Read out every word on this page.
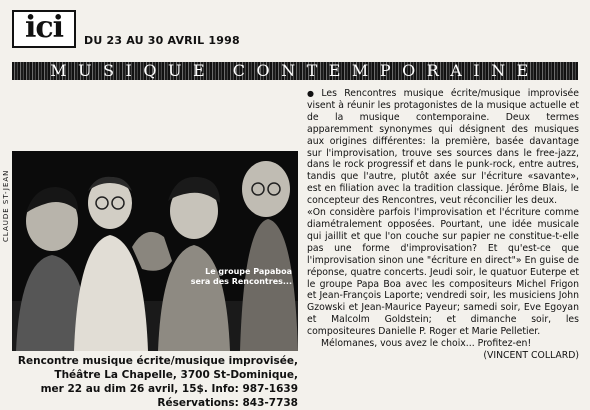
ici	DU 23 AU 30 AVRIL 1998
MUSIQUE CONTEMPORAINE
CLAUDE ST-JEAN
Le groupe Papaboa
sera des Rencontres...
Rencontre musique écrite/musique improvisée,
Théâtre La Chapelle, 3700 St-Dominique,
mer 22 au dim 26 avril, 15$. Info: 987-1639
Réservations: 843-7738

● Les Rencontres musique écrite/musique improvisée visent à réunir les protagonistes de la musique actuelle et de la musique contemporaine. Deux termes apparemment synonymes qui désignent des musiques aux origines différentes: la première, basée davantage sur l'improvisation, trouve ses sources dans le free-jazz, dans le rock progressif et dans le punk-rock, entre autres, tandis que l'autre, plutôt axée sur l'écriture «savante», est en filiation avec la tradition classique. Jérôme Blais, le concepteur des Rencontres, veut réconcilier les deux.

«On considère parfois l'improvisation et l'écriture comme diamétralement opposées. Pourtant, une idée musicale qui jaillit et que l'on couche sur papier ne constitue-t-elle pas une forme d'improvisation? Et qu'est-ce que l'improvisation sinon une "écriture en direct"» En guise de réponse, quatre concerts. Jeudi soir, le quatuor Euterpe et le groupe Papa Boa avec les compositeurs Michel Frigon et Jean-François Laporte; vendredi soir, les musiciens John Gzowski et Jean-Maurice Payeur; samedi soir, Eve Egoyan et Malcolm Goldstein; et dimanche soir, les compositeures Danielle P. Roger et Marie Pelletier.

Mélomanes, vous avez le choix... Profitez-en!

(VINCENT COLLARD)
